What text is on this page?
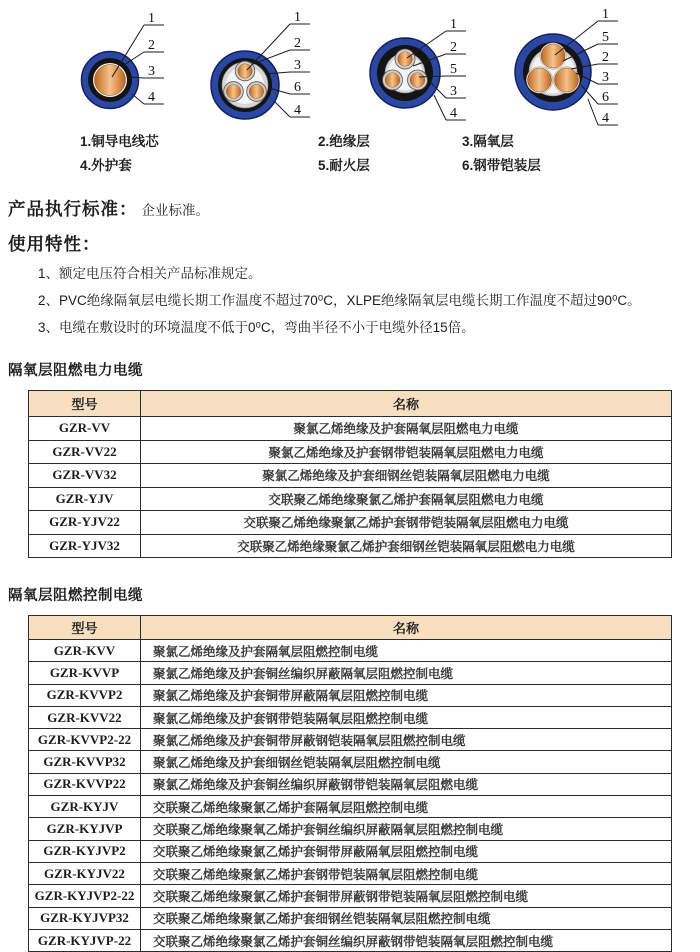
1
2
3
4
1
2
3
6
4
1
2
5
3
4
1
5
2
3
6
4
1.铜导电线芯	2.绝缘层	3.隔氧层
4.外护套	5.耐火层	6.钢带铠装层
产品执行标准： 企业标准。
使用特性：
1、额定电压符合相关产品标准规定。
2、PVC绝缘隔氧层电缆长期工作温度不超过70⁰C，XLPE绝缘隔氧层电缆长期工作温度不超过90⁰C。
3、电缆在敷设时的环境温度不低于0⁰C，弯曲半径不小于电缆外径15倍。
隔氧层阻燃电力电缆
型号	名称
GZR-VV	聚氯乙烯绝缘及护套隔氧层阻燃电力电缆
GZR-VV22	聚氯乙烯绝缘及护套钢带铠装隔氧层阻燃电力电缆
GZR-VV32	聚氯乙烯绝缘及护套细钢丝铠装隔氧层阻燃电力电缆
GZR-YJV	交联聚乙烯绝缘聚氯乙烯护套隔氧层阻燃电力电缆
GZR-YJV22	交联聚乙烯绝缘聚氯乙烯护套钢带铠装隔氧层阻燃电力电缆
GZR-YJV32	交联聚乙烯绝缘聚氯乙烯护套细钢丝铠装隔氧层阻燃电力电缆
隔氧层阻燃控制电缆
型号	名称
GZR-KVV	聚氯乙烯绝缘及护套隔氧层阻燃控制电缆
GZR-KVVP	聚氯乙烯绝缘及护套铜丝编织屏蔽隔氧层阻燃控制电缆
GZR-KVVP2	聚氯乙烯绝缘及护套铜带屏蔽隔氧层阻燃控制电缆
GZR-KVV22	聚氯乙烯绝缘及护套钢带铠装隔氧层阻燃控制电缆
GZR-KVVP2-22	聚氯乙烯绝缘及护套铜带屏蔽钢铠装隔氧层阻燃控制电缆
GZR-KVVP32	聚氯乙烯绝缘及护套细钢丝铠装隔氧层阻燃控制电缆
GZR-KVVP22	聚氯乙烯绝缘及护套铜丝编织屏蔽钢带铠装隔氧层阻燃电缆
GZR-KYJV	交联聚乙烯绝缘聚氯乙烯护套隔氧层阻燃控制电缆
GZR-KYJVP	交联聚乙烯绝缘聚氧乙烯护套铜丝编织屏蔽隔氧层阻燃控制电缆
GZR-KYJVP2	交联聚乙烯绝缘聚氯乙烯护套铜带屏蔽隔氧层阻燃控制电缆
GZR-KYJV22	交联聚乙烯绝缘聚氯乙烯护套钢带铠装隔氧层阻燃控制电缆
GZR-KYJVP2-22	交联聚乙烯绝缘聚氯乙烯护套铜带屏蔽钢带铠装隔氧层阻燃控制电缆
GZR-KYJVP32	交联聚乙烯绝缘聚氯乙烯护套细钢丝铠装隔氧层阻燃控制电缆
GZR-KYJVP-22	交联聚乙烯绝缘聚氯乙烯护套铜丝编织屏蔽钢带铠装隔氧层阻燃控制电缆
